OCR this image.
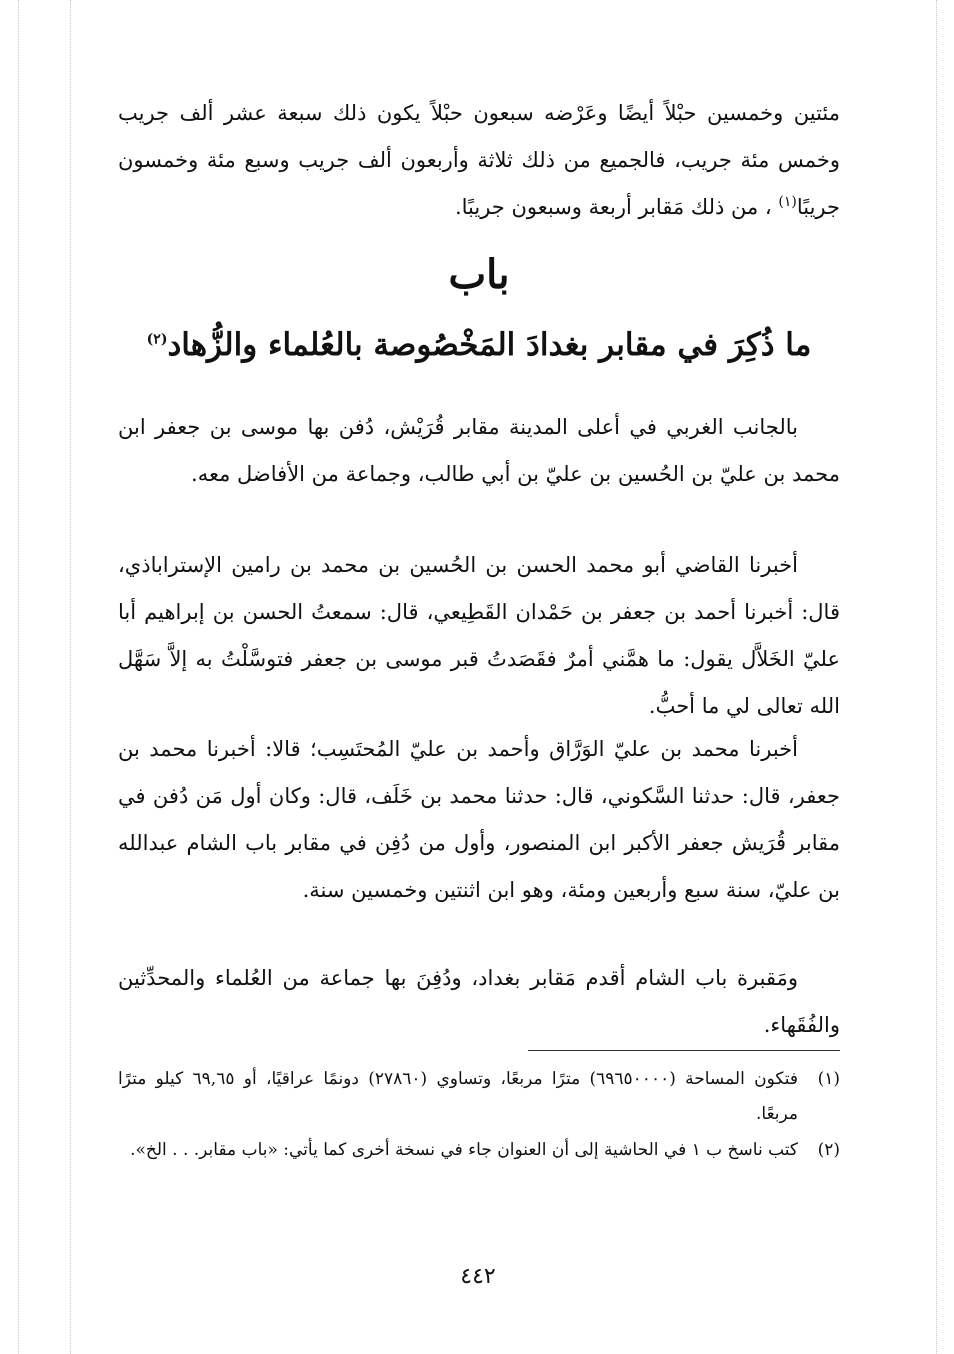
مئتين وخمسين حبْلاً أيضًا وعَرْضه سبعون حبْلاً يكون ذلك سبعة عشر ألف جريب وخمس مئة جريب، فالجميع من ذلك ثلاثة وأربعون ألف جريب وسبع مئة وخمسون جريبًا$^{(١)}$ ، من ذلك مَقابر أربعة وسبعون جريبًا.

باب
ما ذُكِرَ في مقابر بغدادَ المَخْصُوصة بالعُلماء والزُّهاد$^{(٢)}$

بالجانب الغربي في أعلى المدينة مقابر قُرَيْش، دُفن بها موسى بن جعفر ابن محمد بن عليّ بن الحُسين بن عليّ بن أبي طالب، وجماعة من الأفاضل معه.

أخبرنا القاضي أبو محمد الحسن بن الحُسين بن محمد بن رامين الإستراباذي، قال: أخبرنا أحمد بن جعفر بن حَمْدان القَطِيعي، قال: سمعتُ الحسن بن إبراهيم أبا عليّ الخَلاَّل يقول: ما همَّني أمرٌ فقَصَدتُ قبر موسى بن جعفر فتوسَّلْتُ به إلاَّ سَهَّل الله تعالى لي ما أحبُّ.

أخبرنا محمد بن عليّ الوَرَّاق وأحمد بن عليّ المُحتَسِب؛ قالا: أخبرنا محمد بن جعفر، قال: حدثنا السَّكوني، قال: حدثنا محمد بن خَلَف، قال: وكان أول مَن دُفن في مقابر قُرَيش جعفر الأكبر ابن المنصور، وأول من دُفِن في مقابر باب الشام عبدالله بن عليّ، سنة سبع وأربعين ومئة، وهو ابن اثنتين وخمسين سنة.

ومَقبرة باب الشام أقدم مَقابر بغداد، ودُفِنَ بها جماعة من العُلماء والمحدِّثين والفُقَهاء.

(١)
فتكون المساحة (٦٩٦٥٠٠٠٠) مترًا مربعًا، وتساوي (٢٧٨٦٠) دونمًا عراقيًا، أو ٦٩,٦٥ كيلو مترًا مربعًا.
(٢)
كتب ناسخ ب ١ في الحاشية إلى أن العنوان جاء في نسخة أخرى كما يأتي: «باب مقابر. . . الخ».

٤٤٢
